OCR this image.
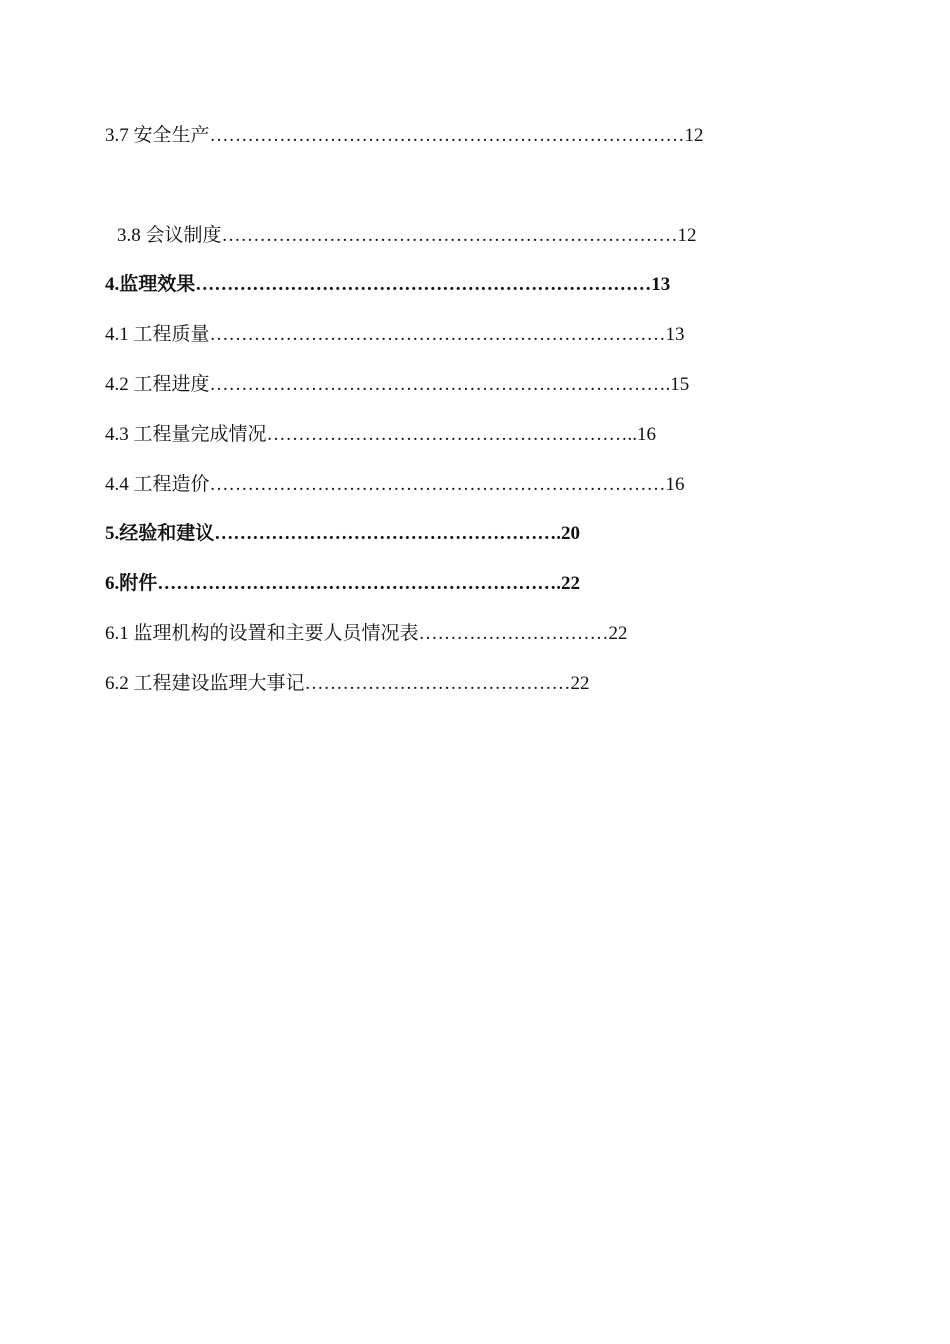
3.7 安全生产…………………………………………………………………12
3.8 会议制度………………………………………………………………12
4.监理效果………………………………………………………………13
4.1 工程质量………………………………………………………………13
4.2 工程进度……………………………………………………………….15
4.3 工程量完成情况…………………………………………………..16
4.4 工程造价………………………………………………………………16
5.经验和建议……………………………………………….20
6.附件……………………………………………………….22
6.1 监理机构的设置和主要人员情况表…………………………22
6.2 工程建设监理大事记……………………………………22
